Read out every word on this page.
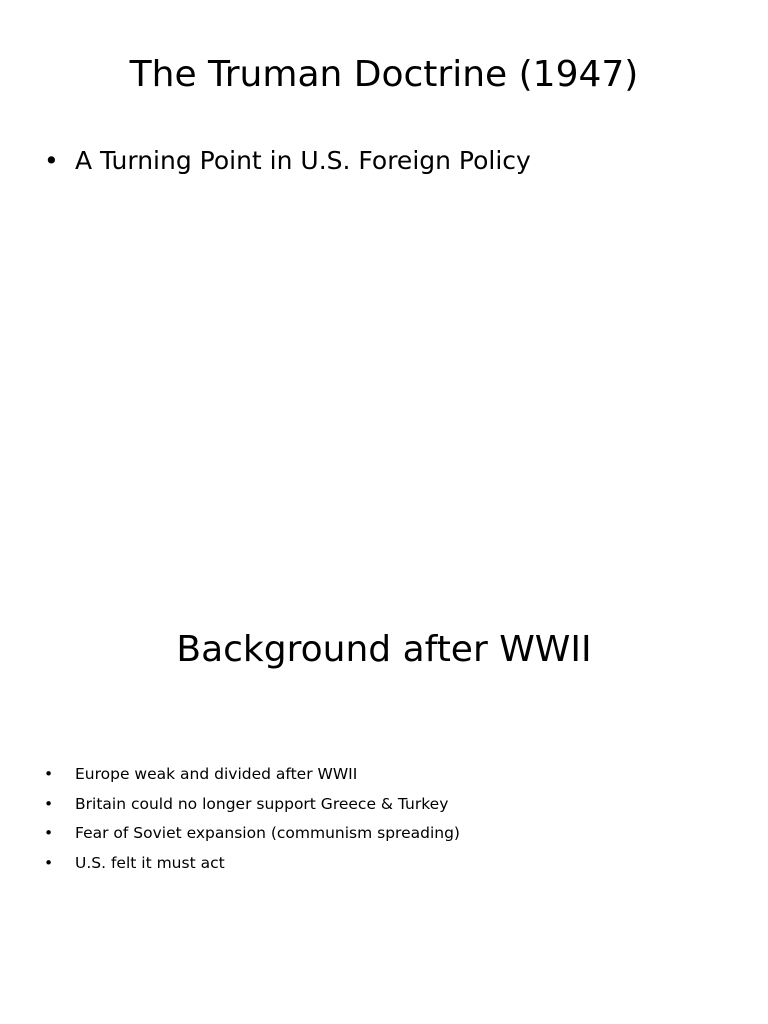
The Truman Doctrine (1947)
• A Turning Point in U.S. Foreign Policy
Background after WWII
• Europe weak and divided after WWII
• Britain could no longer support Greece & Turkey
• Fear of Soviet expansion (communism spreading)
• U.S. felt it must act
